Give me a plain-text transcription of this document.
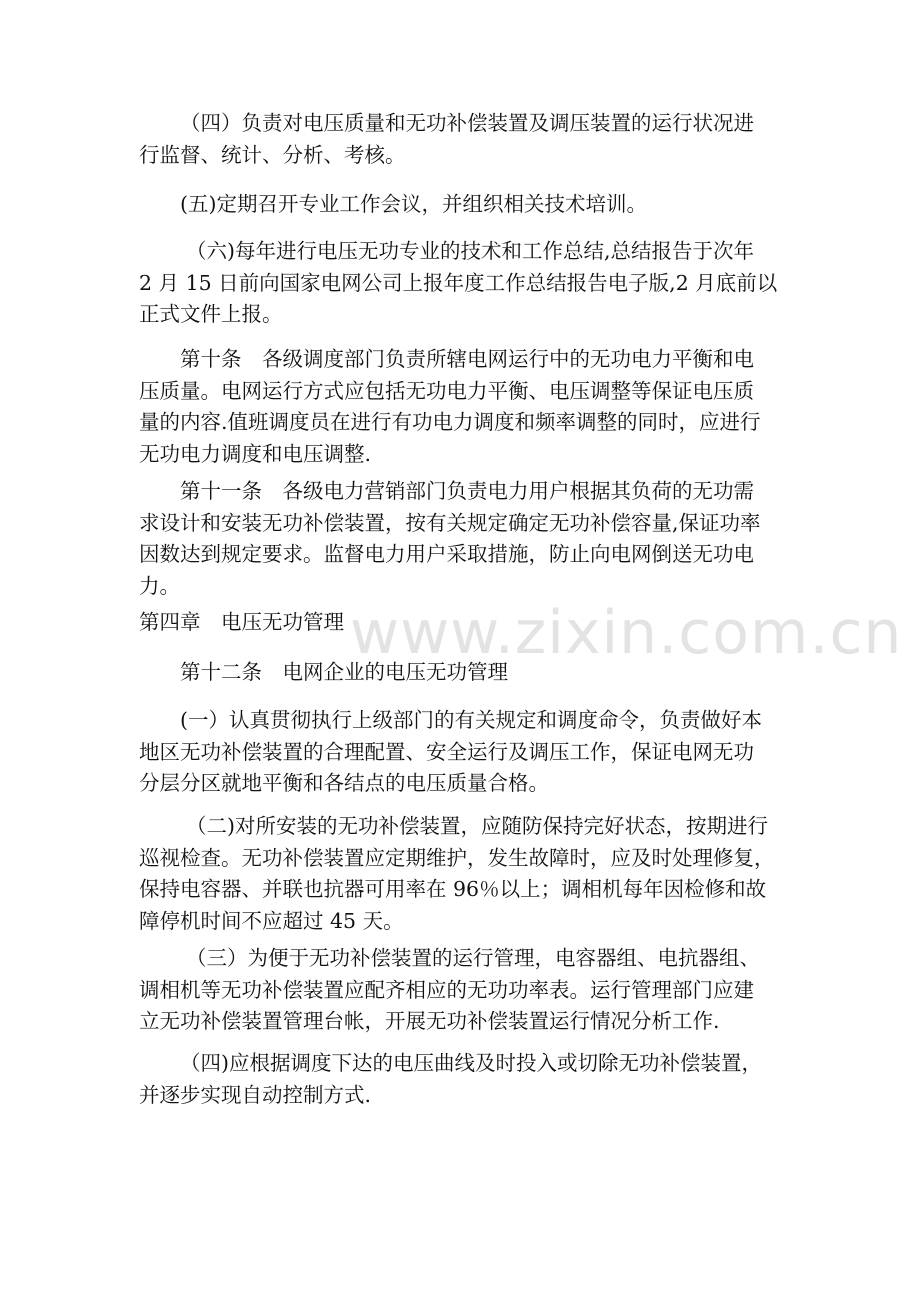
www.zixin.com.cn

（四）负责对电压质量和无功补偿装置及调压装置的运行状况进
行监督、统计、分析、考核。

(五)定期召开专业工作会议，并组织相关技术培训。

（六)每年进行电压无功专业的技术和工作总结,总结报告于次年
2 月 15 日前向国家电网公司上报年度工作总结报告电子版,2 月底前以
正式文件上报。

第十条　各级调度部门负责所辖电网运行中的无功电力平衡和电
压质量。电网运行方式应包括无功电力平衡、电压调整等保证电压质
量的内容.值班调度员在进行有功电力调度和频率调整的同时，应进行
无功电力调度和电压调整.

第十一条　各级电力营销部门负责电力用户根据其负荷的无功需
求设计和安装无功补偿装置，按有关规定确定无功补偿容量,保证功率
因数达到规定要求。监督电力用户采取措施，防止向电网倒送无功电
力。

第四章　电压无功管理

第十二条　电网企业的电压无功管理

(一）认真贯彻执行上级部门的有关规定和调度命令，负责做好本
地区无功补偿装置的合理配置、安全运行及调压工作，保证电网无功
分层分区就地平衡和各结点的电压质量合格。

（二)对所安装的无功补偿装置，应随防保持完好状态，按期进行
巡视检查。无功补偿装置应定期维护，发生故障时，应及时处理修复，
保持电容器、并联也抗器可用率在 96％以上；调相机每年因检修和故
障停机时间不应超过 45 天。

（三）为便于无功补偿装置的运行管理，电容器组、电抗器组、
调相机等无功补偿装置应配齐相应的无功功率表。运行管理部门应建
立无功补偿装置管理台帐，开展无功补偿装置运行情况分析工作.

（四)应根据调度下达的电压曲线及时投入或切除无功补偿装置，
并逐步实现自动控制方式.
